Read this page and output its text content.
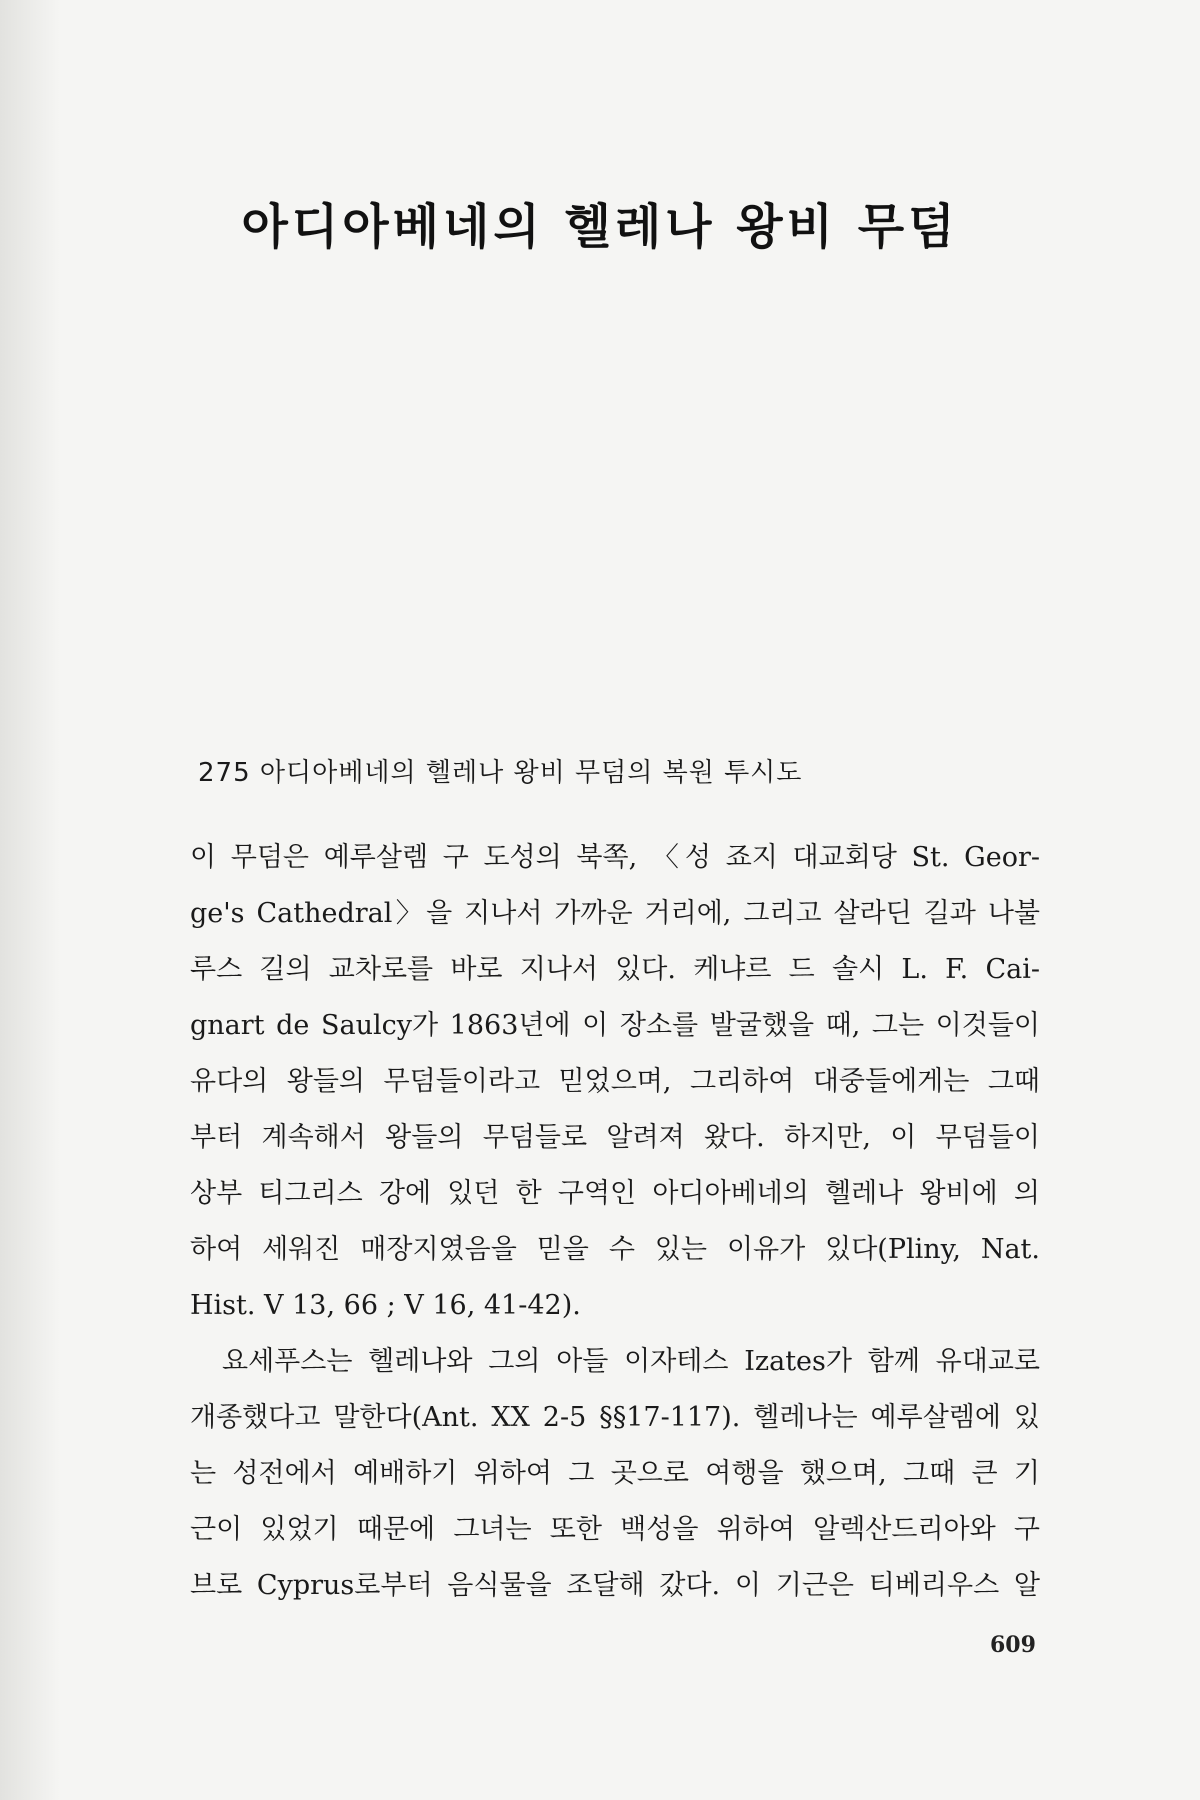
아디아베네의 헬레나 왕비 무덤
275 아디아베네의 헬레나 왕비 무덤의 복원 투시도
이 무덤은 예루살렘 구 도성의 북쪽, 〈성 죠지 대교회당 St. Geor-
ge's Cathedral〉을 지나서 가까운 거리에, 그리고 살라딘 길과 나불
루스 길의 교차로를 바로 지나서 있다. 케냐르 드 솔시 L. F. Cai-
gnart de Saulcy가 1863년에 이 장소를 발굴했을 때, 그는 이것들이
유다의 왕들의 무덤들이라고 믿었으며, 그리하여 대중들에게는 그때
부터 계속해서 왕들의 무덤들로 알려져 왔다. 하지만, 이 무덤들이
상부 티그리스 강에 있던 한 구역인 아디아베네의 헬레나 왕비에 의
하여 세워진 매장지였음을 믿을 수 있는 이유가 있다(Pliny, Nat.
Hist. V 13, 66 ; V 16, 41-42).
요세푸스는 헬레나와 그의 아들 이자테스 Izates가 함께 유대교로
개종했다고 말한다(Ant. XX 2-5 §§17-117). 헬레나는 예루살렘에 있
는 성전에서 예배하기 위하여 그 곳으로 여행을 했으며, 그때 큰 기
근이 있었기 때문에 그녀는 또한 백성을 위하여 알렉산드리아와 구
브로 Cyprus로부터 음식물을 조달해 갔다. 이 기근은 티베리우스 알
609
